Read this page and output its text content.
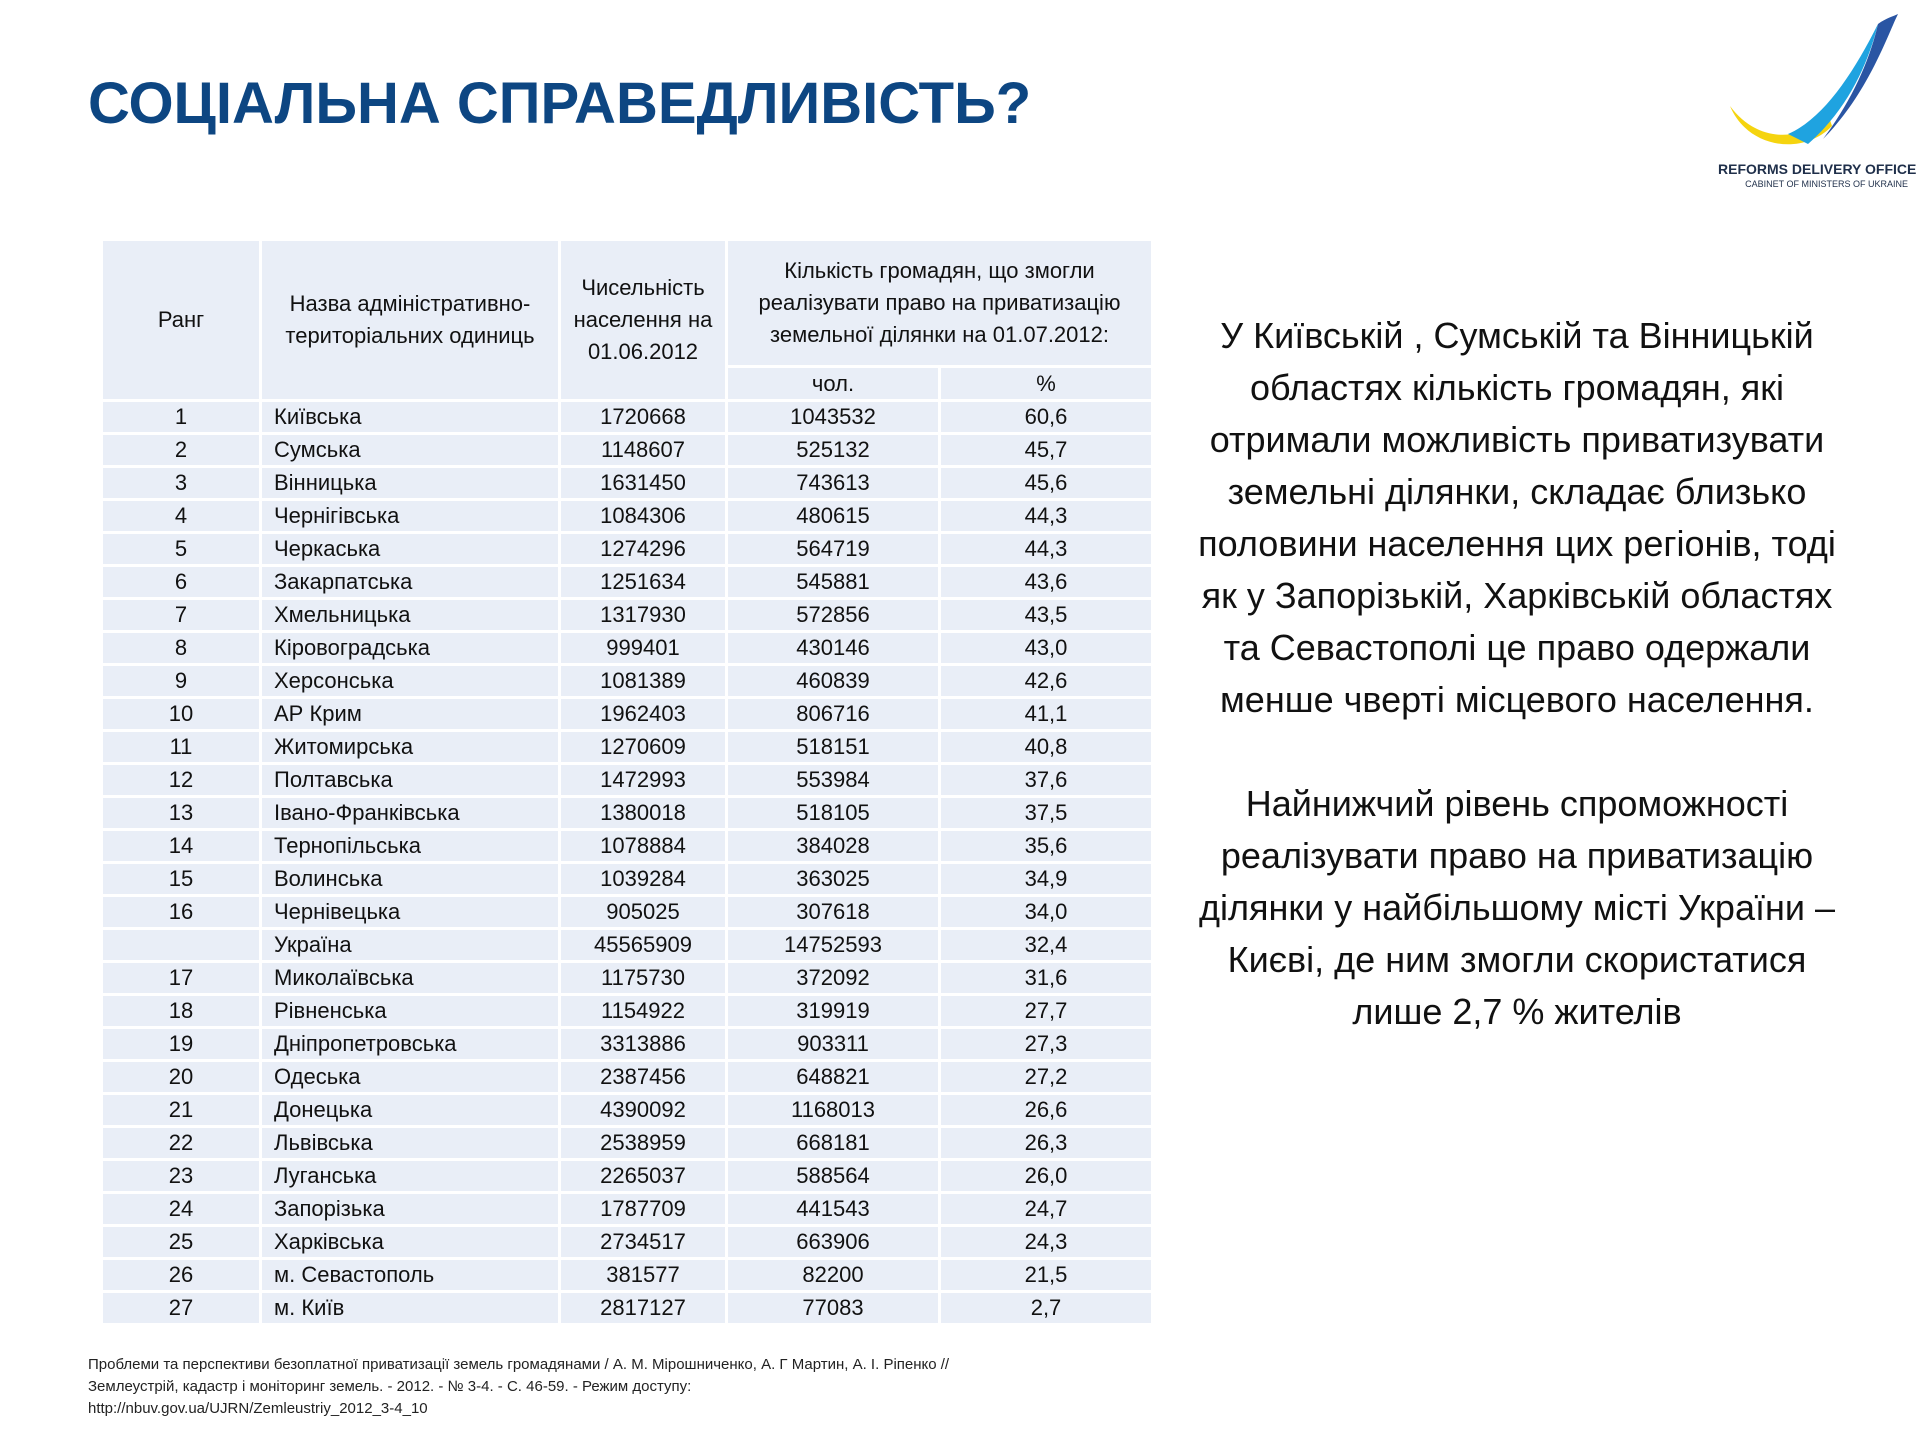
СОЦІАЛЬНА СПРАВЕДЛИВІСТЬ?
REFORMS DELIVERY OFFICE
CABINET OF MINISTERS OF UKRAINE
Ранг	Назва адміністративно-територіальних одиниць	Чисельність населення на 01.06.2012	Кількість громадян, що змогли реалізувати право на приватизацію земельної ділянки на 01.07.2012:	
			чол.	%
1	Київська	1720668	1043532	60,6
2	Сумська	1148607	525132	45,7
3	Вінницька	1631450	743613	45,6
4	Чернігівська	1084306	480615	44,3
5	Черкаська	1274296	564719	44,3
6	Закарпатська	1251634	545881	43,6
7	Хмельницька	1317930	572856	43,5
8	Кіровоградська	999401	430146	43,0
9	Херсонська	1081389	460839	42,6
10	АР Крим	1962403	806716	41,1
11	Житомирська	1270609	518151	40,8
12	Полтавська	1472993	553984	37,6
13	Івано-Франківська	1380018	518105	37,5
14	Тернопільська	1078884	384028	35,6
15	Волинська	1039284	363025	34,9
16	Чернівецька	905025	307618	34,0
	Україна	45565909	14752593	32,4
17	Миколаївська	1175730	372092	31,6
18	Рівненська	1154922	319919	27,7
19	Дніпропетровська	3313886	903311	27,3
20	Одеська	2387456	648821	27,2
21	Донецька	4390092	1168013	26,6
22	Львівська	2538959	668181	26,3
23	Луганська	2265037	588564	26,0
24	Запорізька	1787709	441543	24,7
25	Харківська	2734517	663906	24,3
26	м. Севастополь	381577	82200	21,5
27	м. Київ	2817127	77083	2,7

У Київській , Сумській та Вінницькій областях кількість громадян, які отримали можливість приватизувати земельні ділянки, складає близько половини населення цих регіонів, тоді як у Запорізькій, Харківській областях та Севастополі це право одержали менше чверті місцевого населення.

Найнижчий рівень спроможності реалізувати право на приватизацію ділянки у найбільшому місті України – Києві, де ним змогли скористатися лише 2,7 % жителів

Проблеми та перспективи безоплатної приватизації земель громадянами / А. М. Мірошниченко, А. Г Мартин, А. І. Ріпенко //
Землеустрій, кадастр і моніторинг земель. - 2012. - № 3-4. - С. 46-59. - Режим доступу:
http://nbuv.gov.ua/UJRN/Zemleustriy_2012_3-4_10
